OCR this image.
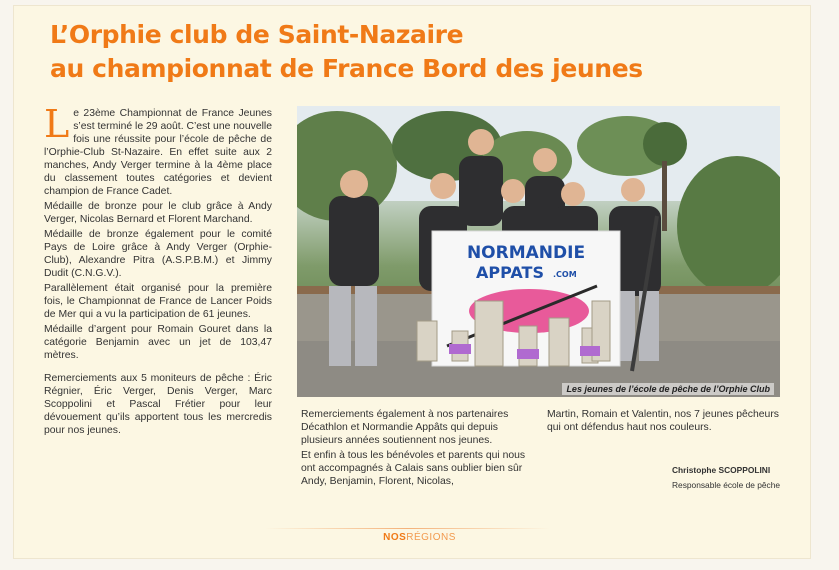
L’Orphie club de Saint-Nazaire
au championnat de France Bord des jeunes

Le 23ème Championnat de France Jeunes s’est terminé le 29 août. C’est une nouvelle fois une réussite pour l’école de pêche de l’Orphie-Club St-Nazaire. En effet suite aux 2 manches, Andy Verger termine à la 4ème place du classement toutes catégories et devient champion de France Cadet.

Médaille de bronze pour le club grâce à Andy Verger, Nicolas Bernard et Florent Marchand.

Médaille de bronze également pour le comité Pays de Loire grâce à Andy Verger (Orphie-Club), Alexandre Pitra (A.S.P.B.M.) et Jimmy Dudit (C.N.G.V.).

Parallèlement était organisé pour la première fois, le Championnat de France de Lancer Poids de Mer qui a vu la participation de 61 jeunes.

Médaille d’argent pour Romain Gouret dans la catégorie Benjamin avec un jet de 103,47 mètres.

Remerciements aux 5 moniteurs de pêche : Éric Régnier, Éric Verger, Denis Verger, Marc Scoppolini et Pascal Frétier pour leur dévouement qu’ils apportent tous les mercredis pour nos jeunes.

NORMANDIE
APPATS .COM
Les jeunes de l’école de pêche de l’Orphie Club

Remerciements également à nos partenaires Décathlon et Normandie Appâts qui depuis plusieurs années soutiennent nos jeunes.

Et enfin à tous les bénévoles et parents qui nous ont accompagnés à Calais sans oublier bien sûr Andy, Benjamin, Florent, Nicolas,

Martin, Romain et Valentin, nos 7 jeunes pêcheurs qui ont défendus haut nos couleurs.

Christophe SCOPPOLINI
Responsable école de pêche
NOSRÉGIONS
